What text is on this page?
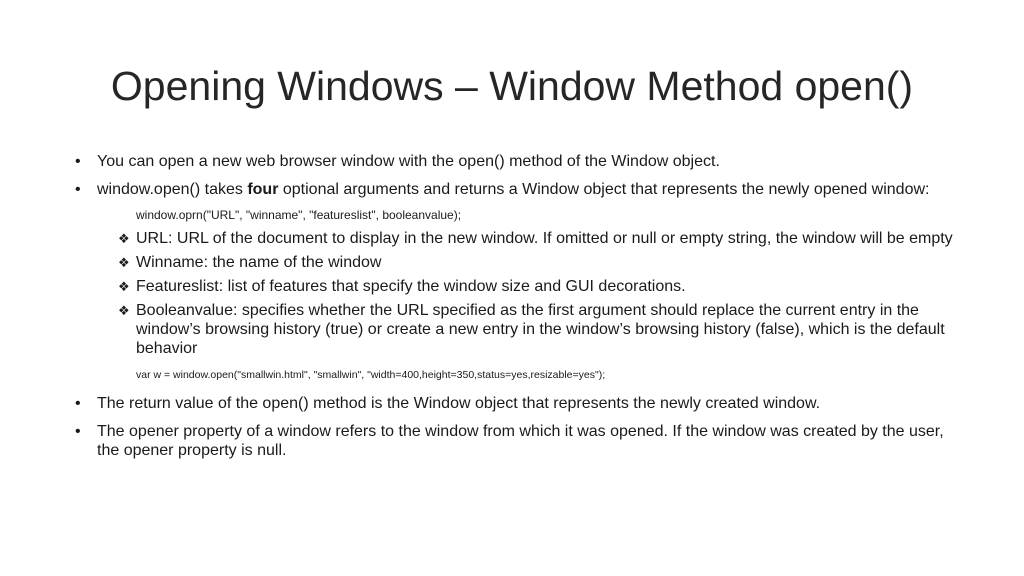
Opening Windows – Window Method open()
•	You can open a new web browser window with the open() method of the Window object.
•	window.open() takes four optional arguments and returns a Window object that represents the newly opened window:
window.oprn("URL", "winname", "featureslist", booleanvalue);
❖ URL: URL of the document to display in the new window. If omitted or null or empty string, the window will be empty
❖ Winname: the name of the window
❖ Featureslist: list of features that specify the window size and GUI decorations.
❖ Booleanvalue: specifies whether the URL specified as the first argument should replace the current entry in the window’s browsing history (true) or create a new entry in the window’s browsing history (false), which is the default behavior
var w = window.open("smallwin.html", "smallwin", "width=400,height=350,status=yes,resizable=yes");
•	The return value of the open() method is the Window object that represents the newly created window.
•	The opener property of a window refers to the window from which it was opened. If the window was created by the user, the opener property is null.
